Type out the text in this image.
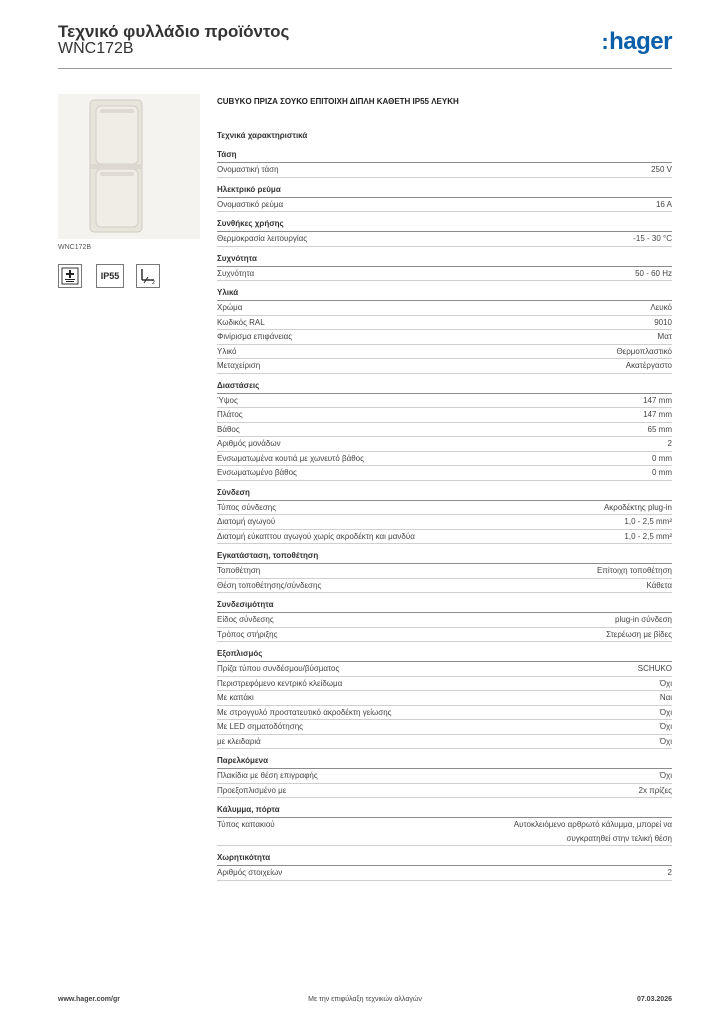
Τεχνικό φυλλάδιο προϊόντος
WNC172B	:hager
WNC172B
IP55
2
CUBYKO ΠΡΙΖΑ ΣΟΥΚΟ ΕΠΙΤΟΙΧΗ ΔΙΠΛΗ ΚΑΘΕΤΗ IP55 ΛΕΥΚΗ
Τεχνικά χαρακτηριστικά
Τάση
Ονομαστική τάση	250 V
Ηλεκτρικό ρεύμα
Ονομαστικό ρεύμα	16 A
Συνθήκες χρήσης
Θερμοκρασία λειτουργίας	-15 - 30 °C
Συχνότητα
Συχνότητα	50 - 60 Hz
Υλικά
Χρώμα	Λευκό
Κωδικός RAL	9010
Φινίρισμα επιφάνειας	Ματ
Υλικό	Θερμοπλαστικό
Μεταχείριση	Ακατέργαστο
Διαστάσεις
Ύψος	147 mm
Πλάτος	147 mm
Βάθος	65 mm
Αριθμός μονάδων	2
Ενσωματωμένα κουτιά με χωνευτό βάθος	0 mm
Ενσωματωμένο βάθος	0 mm
Σύνδεση
Τύπος σύνδεσης	Ακροδέκτης plug-in
Διατομή αγωγού	1,0 - 2,5 mm²
Διατομή εύκαπτου αγωγού χωρίς ακροδέκτη και μανδύα	1,0 - 2,5 mm²
Εγκατάσταση, τοποθέτηση
Τοποθέτηση	Επίτοιχη τοποθέτηση
Θέση τοποθέτησης/σύνδεσης	Κάθετα
Συνδεσιμότητα
Είδος σύνδεσης	plug-in σύνδεση
Τρόπος στήριξης	Στερέωση με βίδες
Εξοπλισμός
Πρίζα τύπου συνδέσμου/βύσματος	SCHUKO
Περιστρεφόμενο κεντρικό κλείδωμα	Όχι
Με καπάκι	Ναι
Με στρογγυλό προστατευτικό ακροδέκτη γείωσης	Όχι
Με LED σηματοδότησης	Όχι
με κλειδαριά	Όχι
Παρελκόμενα
Πλακίδια με θέση επιγραφής	Όχι
Προεξοπλισμένο με	2x πρίζες
Κάλυμμα, πόρτα
Τύπος καπακιού	Αυτοκλειόμενο αρθρωτό κάλυμμα, μπορεί να συγκρατηθεί στην τελική θέση
Χωρητικότητα
Αριθμός στοιχείων	2
www.hager.com/gr	Με την επιφύλαξη τεχνικών αλλαγών	07.03.2026
